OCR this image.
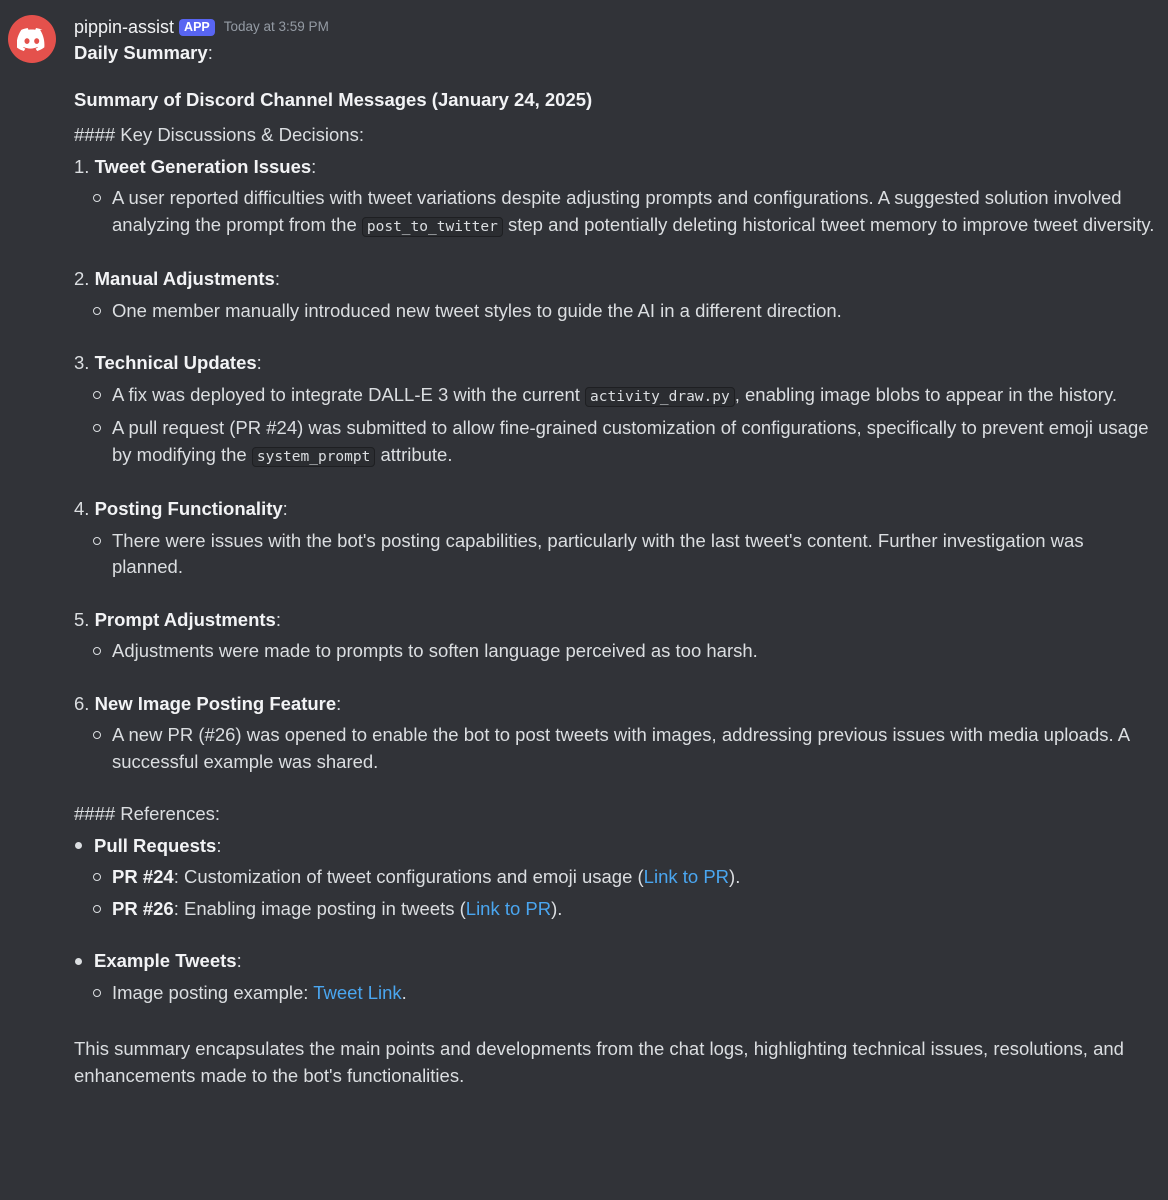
pippin-assist APP	Today at 3:59 PM
Daily Summary:
Summary of Discord Channel Messages (January 24, 2025)
#### Key Discussions & Decisions:
1. Tweet Generation Issues:
A user reported difficulties with tweet variations despite adjusting prompts and configurations. A suggested solution involved analyzing the prompt from the post_to_twitter step and potentially deleting historical tweet memory to improve tweet diversity.
2. Manual Adjustments:
One member manually introduced new tweet styles to guide the AI in a different direction.
3. Technical Updates:
A fix was deployed to integrate DALL-E 3 with the current activity_draw.py , enabling image blobs to appear in the history.
A pull request (PR #24) was submitted to allow fine-grained customization of configurations, specifically to prevent emoji usage by modifying the system_prompt attribute.
4. Posting Functionality:
There were issues with the bot's posting capabilities, particularly with the last tweet's content. Further investigation was planned.
5. Prompt Adjustments:
Adjustments were made to prompts to soften language perceived as too harsh.
6. New Image Posting Feature:
A new PR (#26) was opened to enable the bot to post tweets with images, addressing previous issues with media uploads. A successful example was shared.
#### References:
Pull Requests:
PR #24: Customization of tweet configurations and emoji usage (Link to PR).
PR #26: Enabling image posting in tweets (Link to PR).
Example Tweets:
Image posting example: Tweet Link.
This summary encapsulates the main points and developments from the chat logs, highlighting technical issues, resolutions, and enhancements made to the bot's functionalities.
